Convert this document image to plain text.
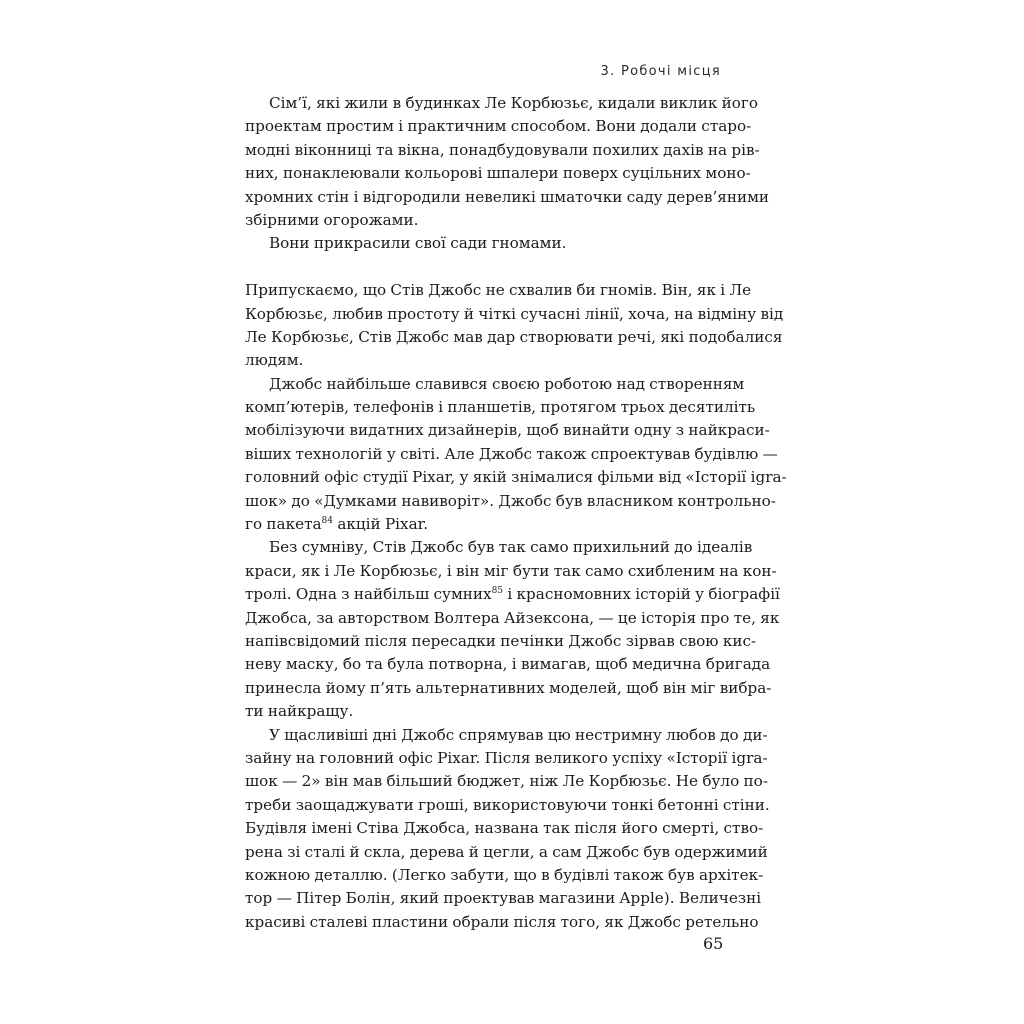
3. Робочі місця
Сім’ї, які жили в будинках Ле Корбюзьє, кидали виклик його
проектам простим і практичним способом. Вони додали старо-
модні віконниці та вікна, понадбудовували похилих дахів на рів-
них, понаклеювали кольорові шпалери поверх суцільних моно-
хромних стін і відгородили невеликі шматочки саду дерев’яними
збірними огорожами.
Вони прикрасили свої сади гномами.
Припускаємо, що Стів Джобс не схвалив би гномів. Він, як і Ле
Корбюзьє, любив простоту й чіткі сучасні лінії, хоча, на відміну від
Ле Корбюзьє, Стів Джобс мав дар створювати речі, які подобалися
людям.
Джобс найбільше славився своєю роботою над створенням
комп’ютерів, телефонів і планшетів, протягом трьох десятиліть
мобілізуючи видатних дизайнерів, щоб винайти одну з найкраси-
віших технологій у світі. Але Джобс також спроектував будівлю —
головний офіс студії Pixar, у якій знімалися фільми від «Історії igra-
шок» до «Думками навиворіт». Джобс був власником контрольно-
го пакета$^{84}$ акцій Pixar.
Без сумніву, Стів Джобс був так само прихильний до ідеалів
краси, як і Ле Корбюзьє, і він міг бути так само схибленим на кон-
тролі. Одна з найбільш сумних$^{85}$ і красномовних історій у біографії
Джобса, за авторством Волтера Айзексона, — це історія про те, як
напівсвідомий після пересадки печінки Джобс зірвав свою кис-
неву маску, бо та була потворна, і вимагав, щоб медична бригада
принесла йому п’ять альтернативних моделей, щоб він міг вибра-
ти найкращу.
У щасливіші дні Джобс спрямував цю нестримну любов до ди-
зайну на головний офіс Pixar. Після великого успіху «Історії igra-
шок — 2» він мав більший бюджет, ніж Ле Корбюзьє. Не було по-
треби заощаджувати гроші, використовуючи тонкі бетонні стіни.
Будівля імені Стіва Джобса, названа так після його смерті, ство-
рена зі сталі й скла, дерева й цегли, а сам Джобс був одержимий
кожною деталлю. (Легко забути, що в будівлі також був архітек-
тор — Пітер Болін, який проектував магазини Apple). Величезні
красиві сталеві пластини обрали після того, як Джобс ретельно
65
